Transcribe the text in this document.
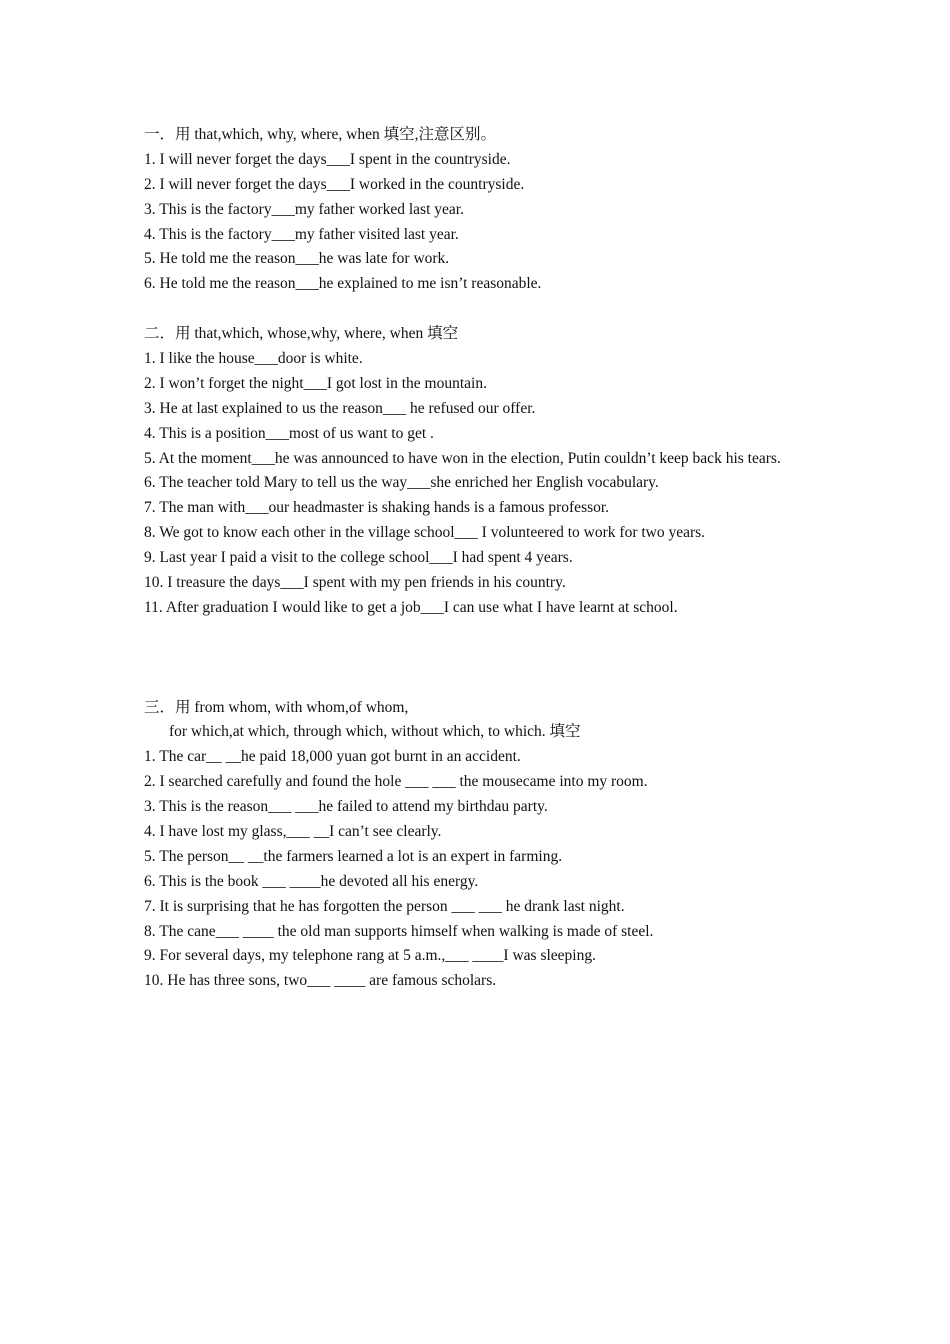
一．用 that,which, why, where, when 填空,注意区别。
1. I will never forget the days___I spent in the countryside.
2. I will never forget the days___I worked in the countryside.
3. This is the factory___my father worked last year.
4. This is the factory___my father visited last year.
5. He told me the reason___he was late for work.
6. He told me the reason___he explained to me isn’t reasonable.
二．用 that,which, whose,why, where, when 填空
1. I like the house___door is white.
2. I won’t forget the night___I got lost in the mountain.
3. He at last explained to us the reason___ he refused our offer.
4. This is a position___most of us want to get .
5. At the moment___he was announced to have won in the election, Putin couldn’t keep back his tears.
6. The teacher told Mary to tell us the way___she enriched her English vocabulary.
7. The man with___our headmaster is shaking hands is a famous professor.
8. We got to know each other in the village school___ I volunteered to work for two years.
9. Last year I paid a visit to the college school___I had spent 4 years.
10. I treasure the days___I spent with my pen friends in his country.
11. After graduation I would like to get a job___I can use what I have learnt at school.
三．用 from whom, with whom,of whom,
for which,at which, through which, without which, to which. 填空
1. The car__ __he paid 18,000 yuan got burnt in an accident.
2. I searched carefully and found the hole ___ ___ the mousecame into my room.
3. This is the reason___ ___he failed to attend my birthdau party.
4. I have lost my glass,___ __I can’t see clearly.
5. The person__ __the farmers learned a lot is an expert in farming.
6. This is the book ___ ____he devoted all his energy.
7. It is surprising that he has forgotten the person ___ ___ he drank last night.
8. The cane___ ____ the old man supports himself when walking is made of steel.
9. For several days, my telephone rang at 5 a.m.,___ ____I was sleeping.
10. He has three sons, two___ ____ are famous scholars.
